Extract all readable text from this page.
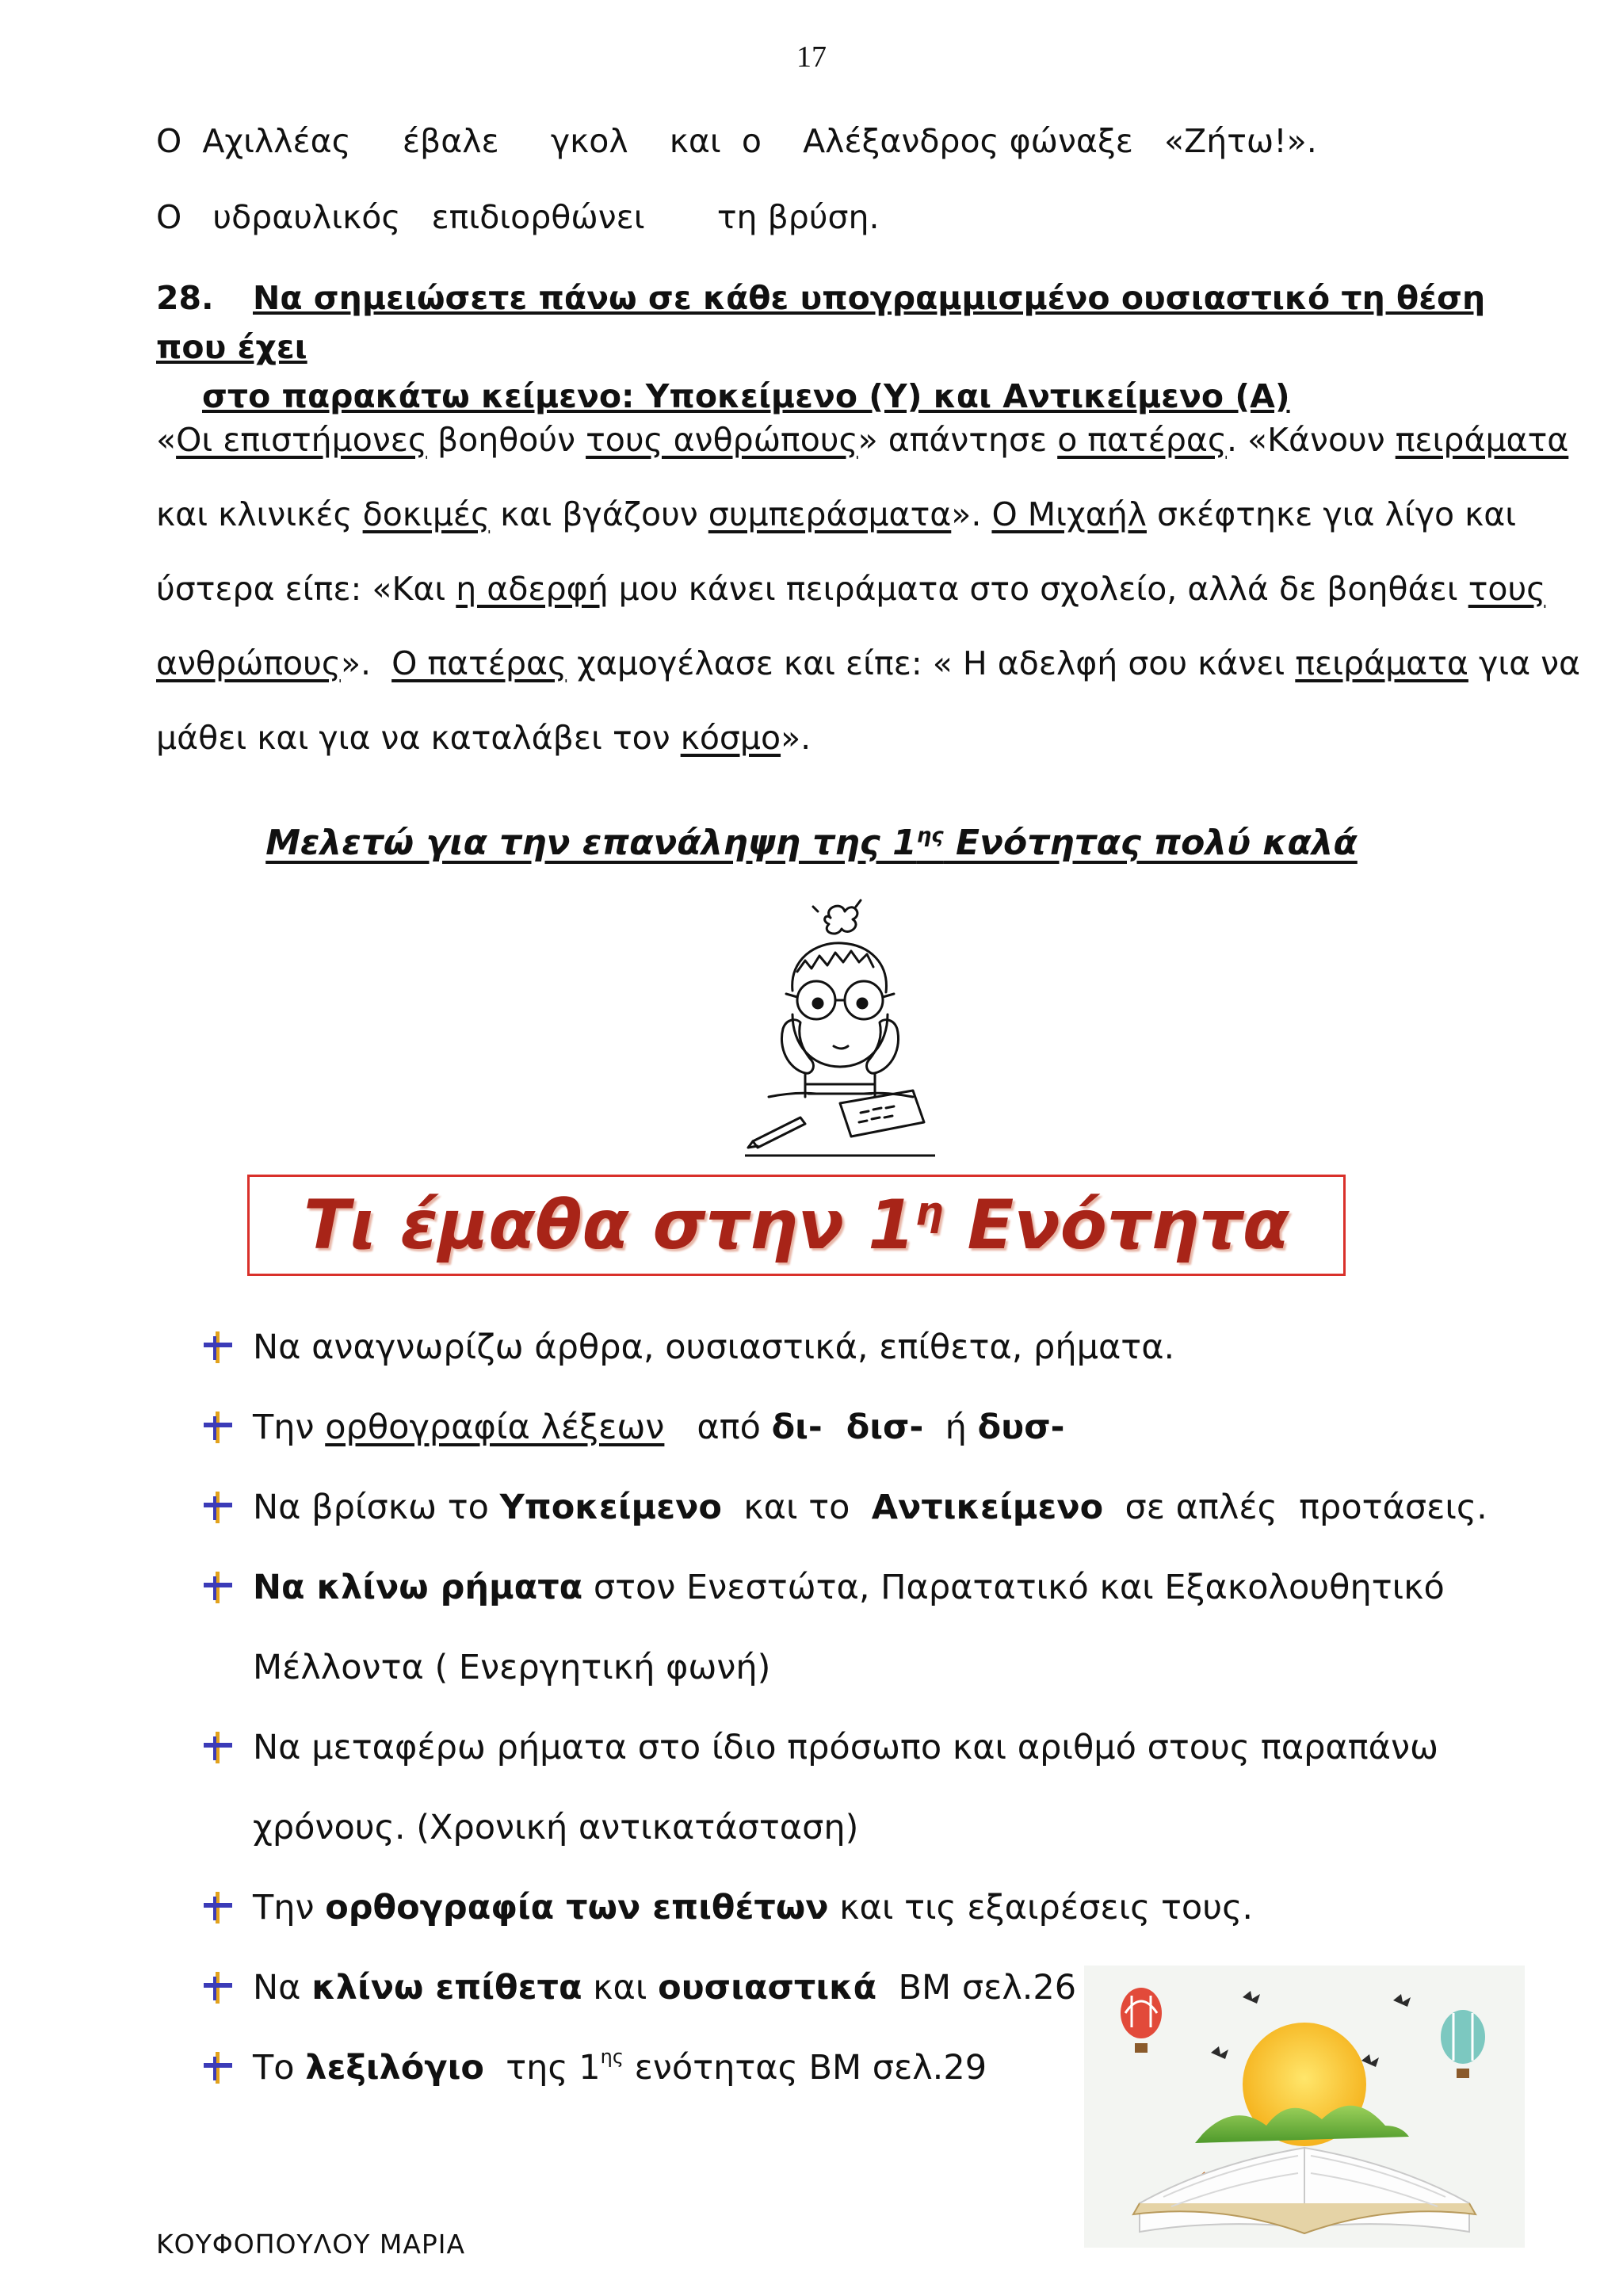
17
Ο  Αχιλλέας     έβαλε     γκολ    και  ο    Αλέξανδρος φώναξε   «Ζήτω!».
Ο   υδραυλικός   επιδιορθώνει       τη βρύση.
28. Να σημειώσετε πάνω σε κάθε υπογραμμισμένο ουσιαστικό τη θέση που έχει
στο παρακάτω κείμενο: Υποκείμενο (Υ) και Αντικείμενο (Α)
«Οι επιστήμονες βοηθούν τους ανθρώπους» απάντησε ο πατέρας. «Κάνουν πειράματα
και κλινικές δοκιμές και βγάζουν συμπεράσματα». Ο Μιχαήλ σκέφτηκε για λίγο και
ύστερα είπε: «Και η αδερφή μου κάνει πειράματα στο σχολείο, αλλά δε βοηθάει τους
ανθρώπους».  Ο πατέρας χαμογέλασε και είπε: « Η αδελφή σου κάνει πειράματα για να
μάθει και για να καταλάβει τον κόσμο».
Μελετώ για την επανάληψη της $1^{\eta\varsigma}$ Ενότητας πολύ καλά
Τι έμαθα στην $1^\eta$ Ενότητα
Να αναγνωρίζω άρθρα, ουσιαστικά, επίθετα, ρήματα.
Την ορθογραφία λέξεων   από δι-  δισ-  ή δυσ-
Να βρίσκω το Υποκείμενο  και το  Αντικείμενο  σε απλές  προτάσεις.
Να κλίνω ρήματα στον Ενεστώτα, Παρατατικό και Εξακολουθητικό
Μέλλοντα ( Ενεργητική φωνή)
Να μεταφέρω ρήματα στο ίδιο πρόσωπο και αριθμό στους παραπάνω
χρόνους. (Χρονική αντικατάσταση)
Την ορθογραφία των επιθέτων και τις εξαιρέσεις τους.
Να κλίνω επίθετα και ουσιαστικά  ΒΜ σελ.26
Το λεξιλόγιο  της $1^{\eta\varsigma}$ ενότητας ΒΜ σελ.29
ΚΟΥΦΟΠΟΥΛΟΥ ΜΑΡΙΑ
